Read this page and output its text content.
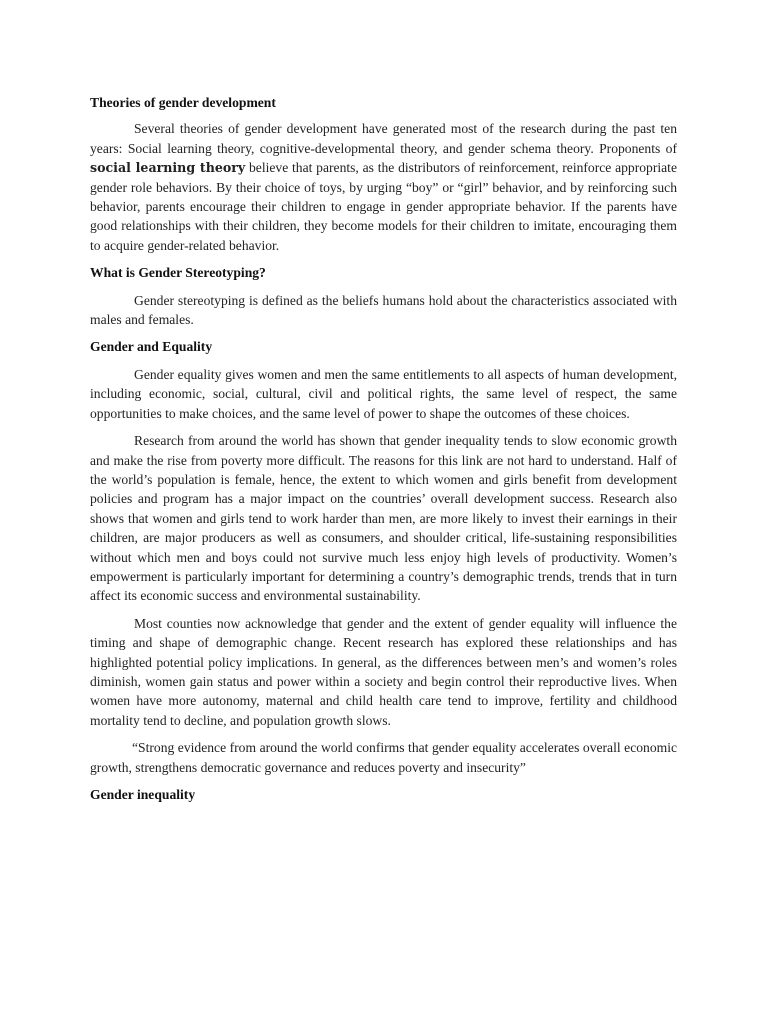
Theories of gender development

Several theories of gender development have generated most of the research during the past ten years: Social learning theory, cognitive-developmental theory, and gender schema theory. Proponents of social learning theory believe that parents, as the distributors of reinforcement, reinforce appropriate gender role behaviors. By their choice of toys, by urging “boy” or “girl” behavior, and by reinforcing such behavior, parents encourage their children to engage in gender appropriate behavior. If the parents have good relationships with their children, they become models for their children to imitate, encouraging them to acquire gender-related behavior.

What is Gender Stereotyping?

Gender stereotyping is defined as the beliefs humans hold about the characteristics associated with males and females.

Gender and Equality

Gender equality gives women and men the same entitlements to all aspects of human development, including economic, social, cultural, civil and political rights, the same level of respect, the same opportunities to make choices, and the same level of power to shape the outcomes of these choices.

Research from around the world has shown that gender inequality tends to slow economic growth and make the rise from poverty more difficult. The reasons for this link are not hard to understand. Half of the world’s population is female, hence, the extent to which women and girls benefit from development policies and program has a major impact on the countries’ overall development success. Research also shows that women and girls tend to work harder than men, are more likely to invest their earnings in their children, are major producers as well as consumers, and shoulder critical, life-sustaining responsibilities without which men and boys could not survive much less enjoy high levels of productivity. Women’s empowerment is particularly important for determining a country’s demographic trends, trends that in turn affect its economic success and environmental sustainability.

Most counties now acknowledge that gender and the extent of gender equality will influence the timing and shape of demographic change. Recent research has explored these relationships and has highlighted potential policy implications. In general, as the differences between men’s and women’s roles diminish, women gain status and power within a society and begin control their reproductive lives. When women have more autonomy, maternal and child health care tend to improve, fertility and childhood mortality tend to decline, and population growth slows.

“Strong evidence from around the world confirms that gender equality accelerates overall economic growth, strengthens democratic governance and reduces poverty and insecurity”

Gender inequality
